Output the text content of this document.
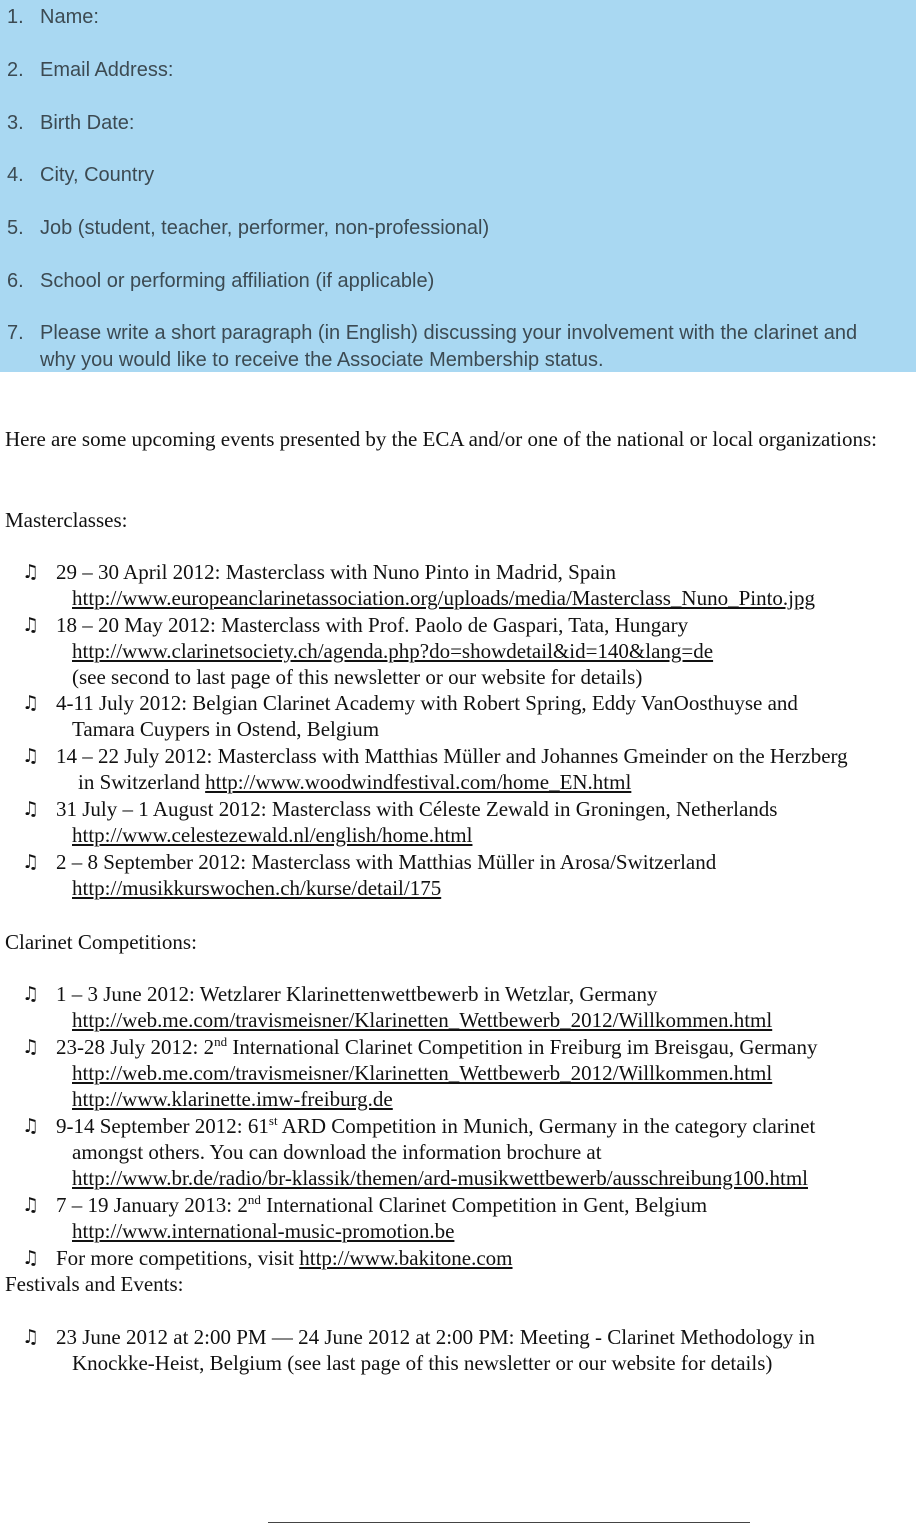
1. Name:
2. Email Address:
3. Birth Date:
4. City, Country
5. Job (student, teacher, performer, non-professional)
6. School or performing affiliation (if applicable)
7. Please write a short paragraph (in English) discussing your involvement with the clarinet and why you would like to receive the Associate Membership status.
Here are some upcoming events presented by the ECA and/or one of the national or local organizations:
Masterclasses:
♫ 29 – 30 April 2012: Masterclass with Nuno Pinto in Madrid, Spain
http://www.europeanclarinetassociation.org/uploads/media/Masterclass_Nuno_Pinto.jpg
♫ 18 – 20 May 2012: Masterclass with Prof. Paolo de Gaspari, Tata, Hungary
http://www.clarinetsociety.ch/agenda.php?do=showdetail&id=140&lang=de
(see second to last page of this newsletter or our website for details)
♫ 4-11 July 2012: Belgian Clarinet Academy with Robert Spring, Eddy VanOosthuyse and
Tamara Cuypers in Ostend, Belgium
♫ 14 – 22 July 2012: Masterclass with Matthias Müller and Johannes Gmeinder on the Herzberg
in Switzerland http://www.woodwindfestival.com/home_EN.html
♫ 31 July – 1 August 2012: Masterclass with Céleste Zewald in Groningen, Netherlands
http://www.celestezewald.nl/english/home.html
♫ 2 – 8 September 2012: Masterclass with Matthias Müller in Arosa/Switzerland
http://musikkurswochen.ch/kurse/detail/175
Clarinet Competitions:
♫ 1 – 3 June 2012: Wetzlarer Klarinettenwettbewerb in Wetzlar, Germany
http://web.me.com/travismeisner/Klarinetten_Wettbewerb_2012/Willkommen.html
♫ 23-28 July 2012: 2nd International Clarinet Competition in Freiburg im Breisgau, Germany
http://web.me.com/travismeisner/Klarinetten_Wettbewerb_2012/Willkommen.html
http://www.klarinette.imw-freiburg.de
♫ 9-14 September 2012: 61st ARD Competition in Munich, Germany in the category clarinet
amongst others. You can download the information brochure at
http://www.br.de/radio/br-klassik/themen/ard-musikwettbewerb/ausschreibung100.html
♫ 7 – 19 January 2013: 2nd International Clarinet Competition in Gent, Belgium
http://www.international-music-promotion.be
♫ For more competitions, visit http://www.bakitone.com
Festivals and Events:
♫ 23 June 2012 at 2:00 PM — 24 June 2012 at 2:00 PM: Meeting - Clarinet Methodology in
Knockke-Heist, Belgium (see last page of this newsletter or our website for details)
